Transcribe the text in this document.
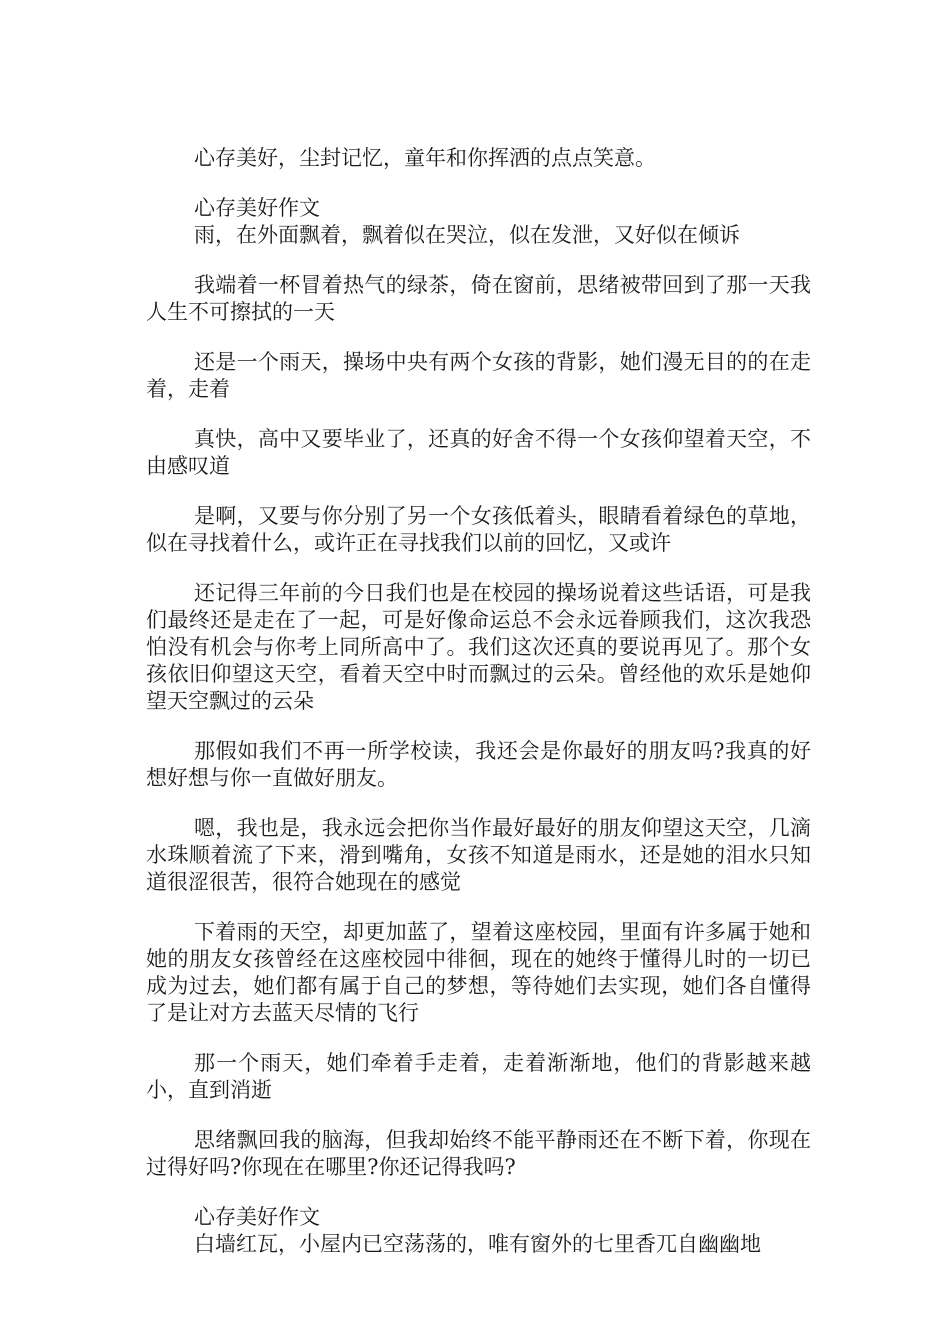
心存美好，尘封记忆，童年和你挥洒的点点笑意。

心存美好作文

雨，在外面飘着，飘着似在哭泣，似在发泄，又好似在倾诉

我端着一杯冒着热气的绿茶，倚在窗前，思绪被带回到了那一天我人生不可擦拭的一天

还是一个雨天，操场中央有两个女孩的背影，她们漫无目的的在走着，走着

真快，高中又要毕业了，还真的好舍不得一个女孩仰望着天空，不由感叹道

是啊，又要与你分别了另一个女孩低着头，眼睛看着绿色的草地，似在寻找着什么，或许正在寻找我们以前的回忆，又或许

还记得三年前的今日我们也是在校园的操场说着这些话语，可是我们最终还是走在了一起，可是好像命运总不会永远眷顾我们，这次我恐怕没有机会与你考上同所高中了。我们这次还真的要说再见了。那个女孩依旧仰望这天空，看着天空中时而飘过的云朵。曾经他的欢乐是她仰望天空飘过的云朵

那假如我们不再一所学校读，我还会是你最好的朋友吗?我真的好想好想与你一直做好朋友。

嗯，我也是，我永远会把你当作最好最好的朋友仰望这天空，几滴水珠顺着流了下来，滑到嘴角，女孩不知道是雨水，还是她的泪水只知道很涩很苦，很符合她现在的感觉

下着雨的天空，却更加蓝了，望着这座校园，里面有许多属于她和她的朋友女孩曾经在这座校园中徘徊，现在的她终于懂得儿时的一切已成为过去，她们都有属于自己的梦想，等待她们去实现，她们各自懂得了是让对方去蓝天尽情的飞行

那一个雨天，她们牵着手走着，走着渐渐地，他们的背影越来越小，直到消逝

思绪飘回我的脑海，但我却始终不能平静雨还在不断下着，你现在过得好吗?你现在在哪里?你还记得我吗?

心存美好作文

白墙红瓦，小屋内已空荡荡的，唯有窗外的七里香兀自幽幽地
